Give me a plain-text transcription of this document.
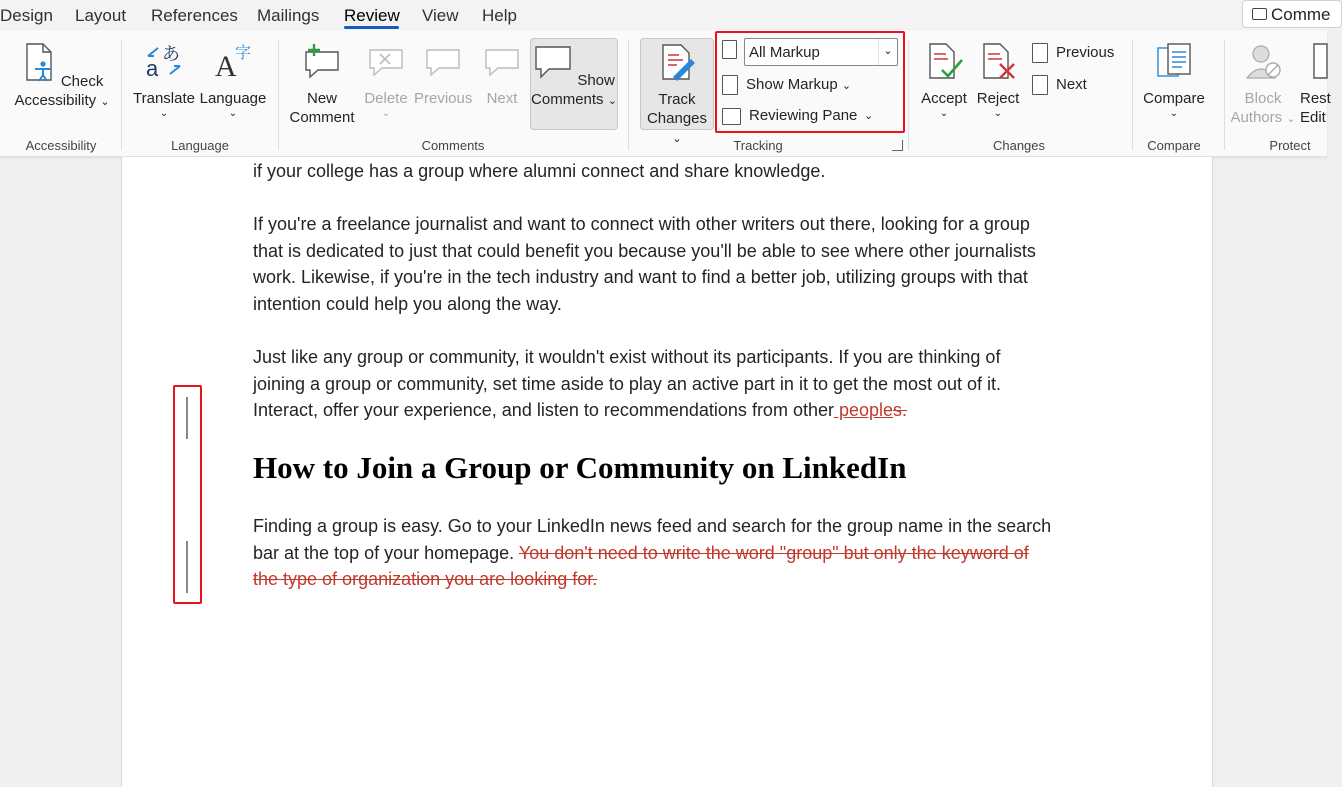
Design Layout References Mailings Review View Help	Comme
Check
Accessibility ⌄
Accessibility
a
あ
Translate
⌄
A
字
Language
⌄
Language
New
Comment
Delete
⌄
Previous Next
Show
Comments ⌄
Comments
Track
Changes ⌄
All Markup	⌄
Show Markup ⌄
Reviewing Pane ⌄
Tracking
Accept
⌄
Reject
⌄
Previous
Next
Changes
Compare
⌄
Compare
Block
Authors ⌄
Rest
Edit
Protect
if your college has a group where alumni connect and share knowledge.
If you're a freelance journalist and want to connect with other writers out there, looking for a group
that is dedicated to just that could benefit you because you'll be able to see where other journalists
work. Likewise, if you're in the tech industry and want to find a better job, utilizing groups with that
intention could help you along the way.
Just like any group or community, it wouldn't exist without its participants. If you are thinking of
joining a group or community, set time aside to play an active part in it to get the most out of it.
Interact, offer your experience, and listen to recommendations from other peoples.
How to Join a Group or Community on LinkedIn
Finding a group is easy. Go to your LinkedIn news feed and search for the group name in the search
bar at the top of your homepage. You don't need to write the word "group" but only the keyword of
the type of organization you are looking for.
